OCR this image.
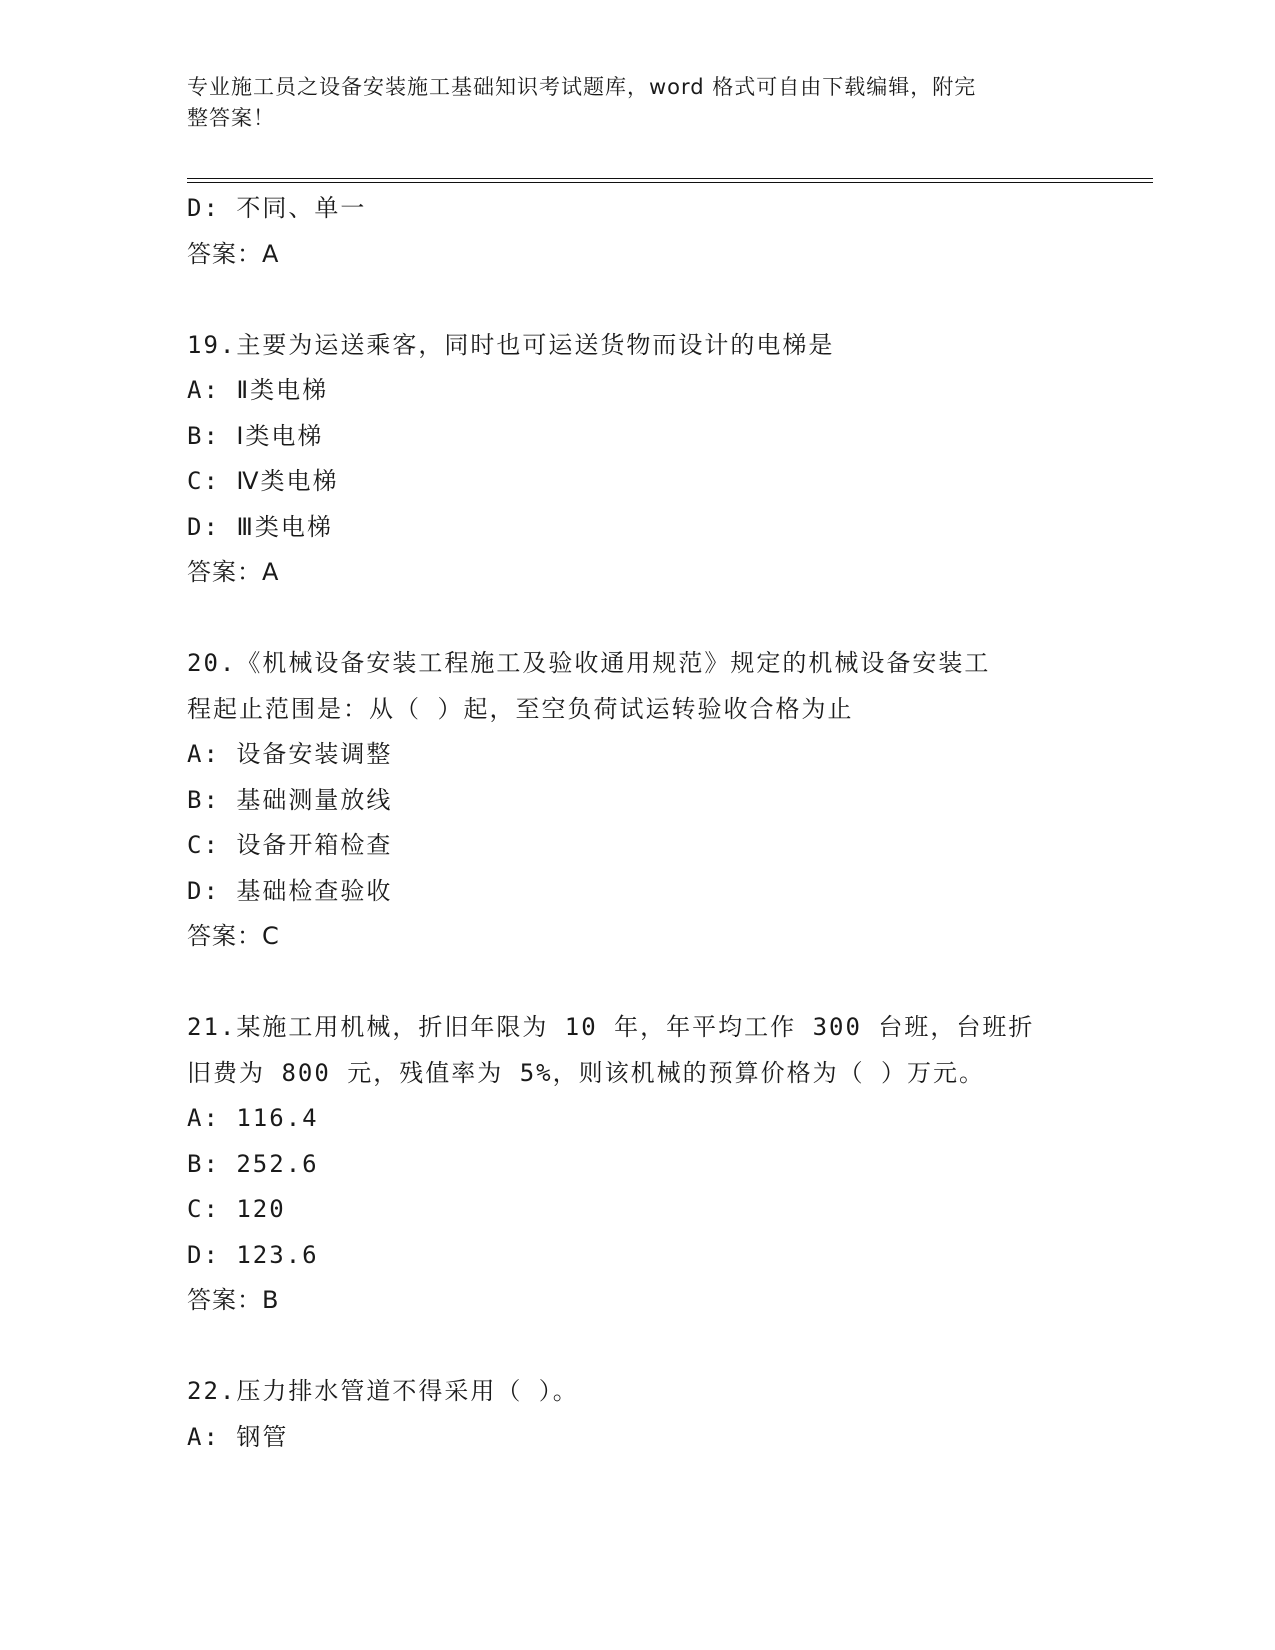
专业施工员之设备安装施工基础知识考试题库，word 格式可自由下载编辑，附完
整答案！
D: 不同、单一
答案：A
19.主要为运送乘客，同时也可运送货物而设计的电梯是
A: Ⅱ类电梯
B: Ⅰ类电梯
C: Ⅳ类电梯
D: Ⅲ类电梯
答案：A
20.《机械设备安装工程施工及验收通用规范》规定的机械设备安装工
程起止范围是：从（ ）起，至空负荷试运转验收合格为止
A: 设备安装调整
B: 基础测量放线
C: 设备开箱检查
D: 基础检查验收
答案：C
21.某施工用机械，折旧年限为 10 年，年平均工作 300 台班，台班折
旧费为 800 元，残值率为 5%，则该机械的预算价格为（ ）万元。
A: 116.4
B: 252.6
C: 120
D: 123.6
答案：B
22.压力排水管道不得采用（ ）。
A: 钢管
